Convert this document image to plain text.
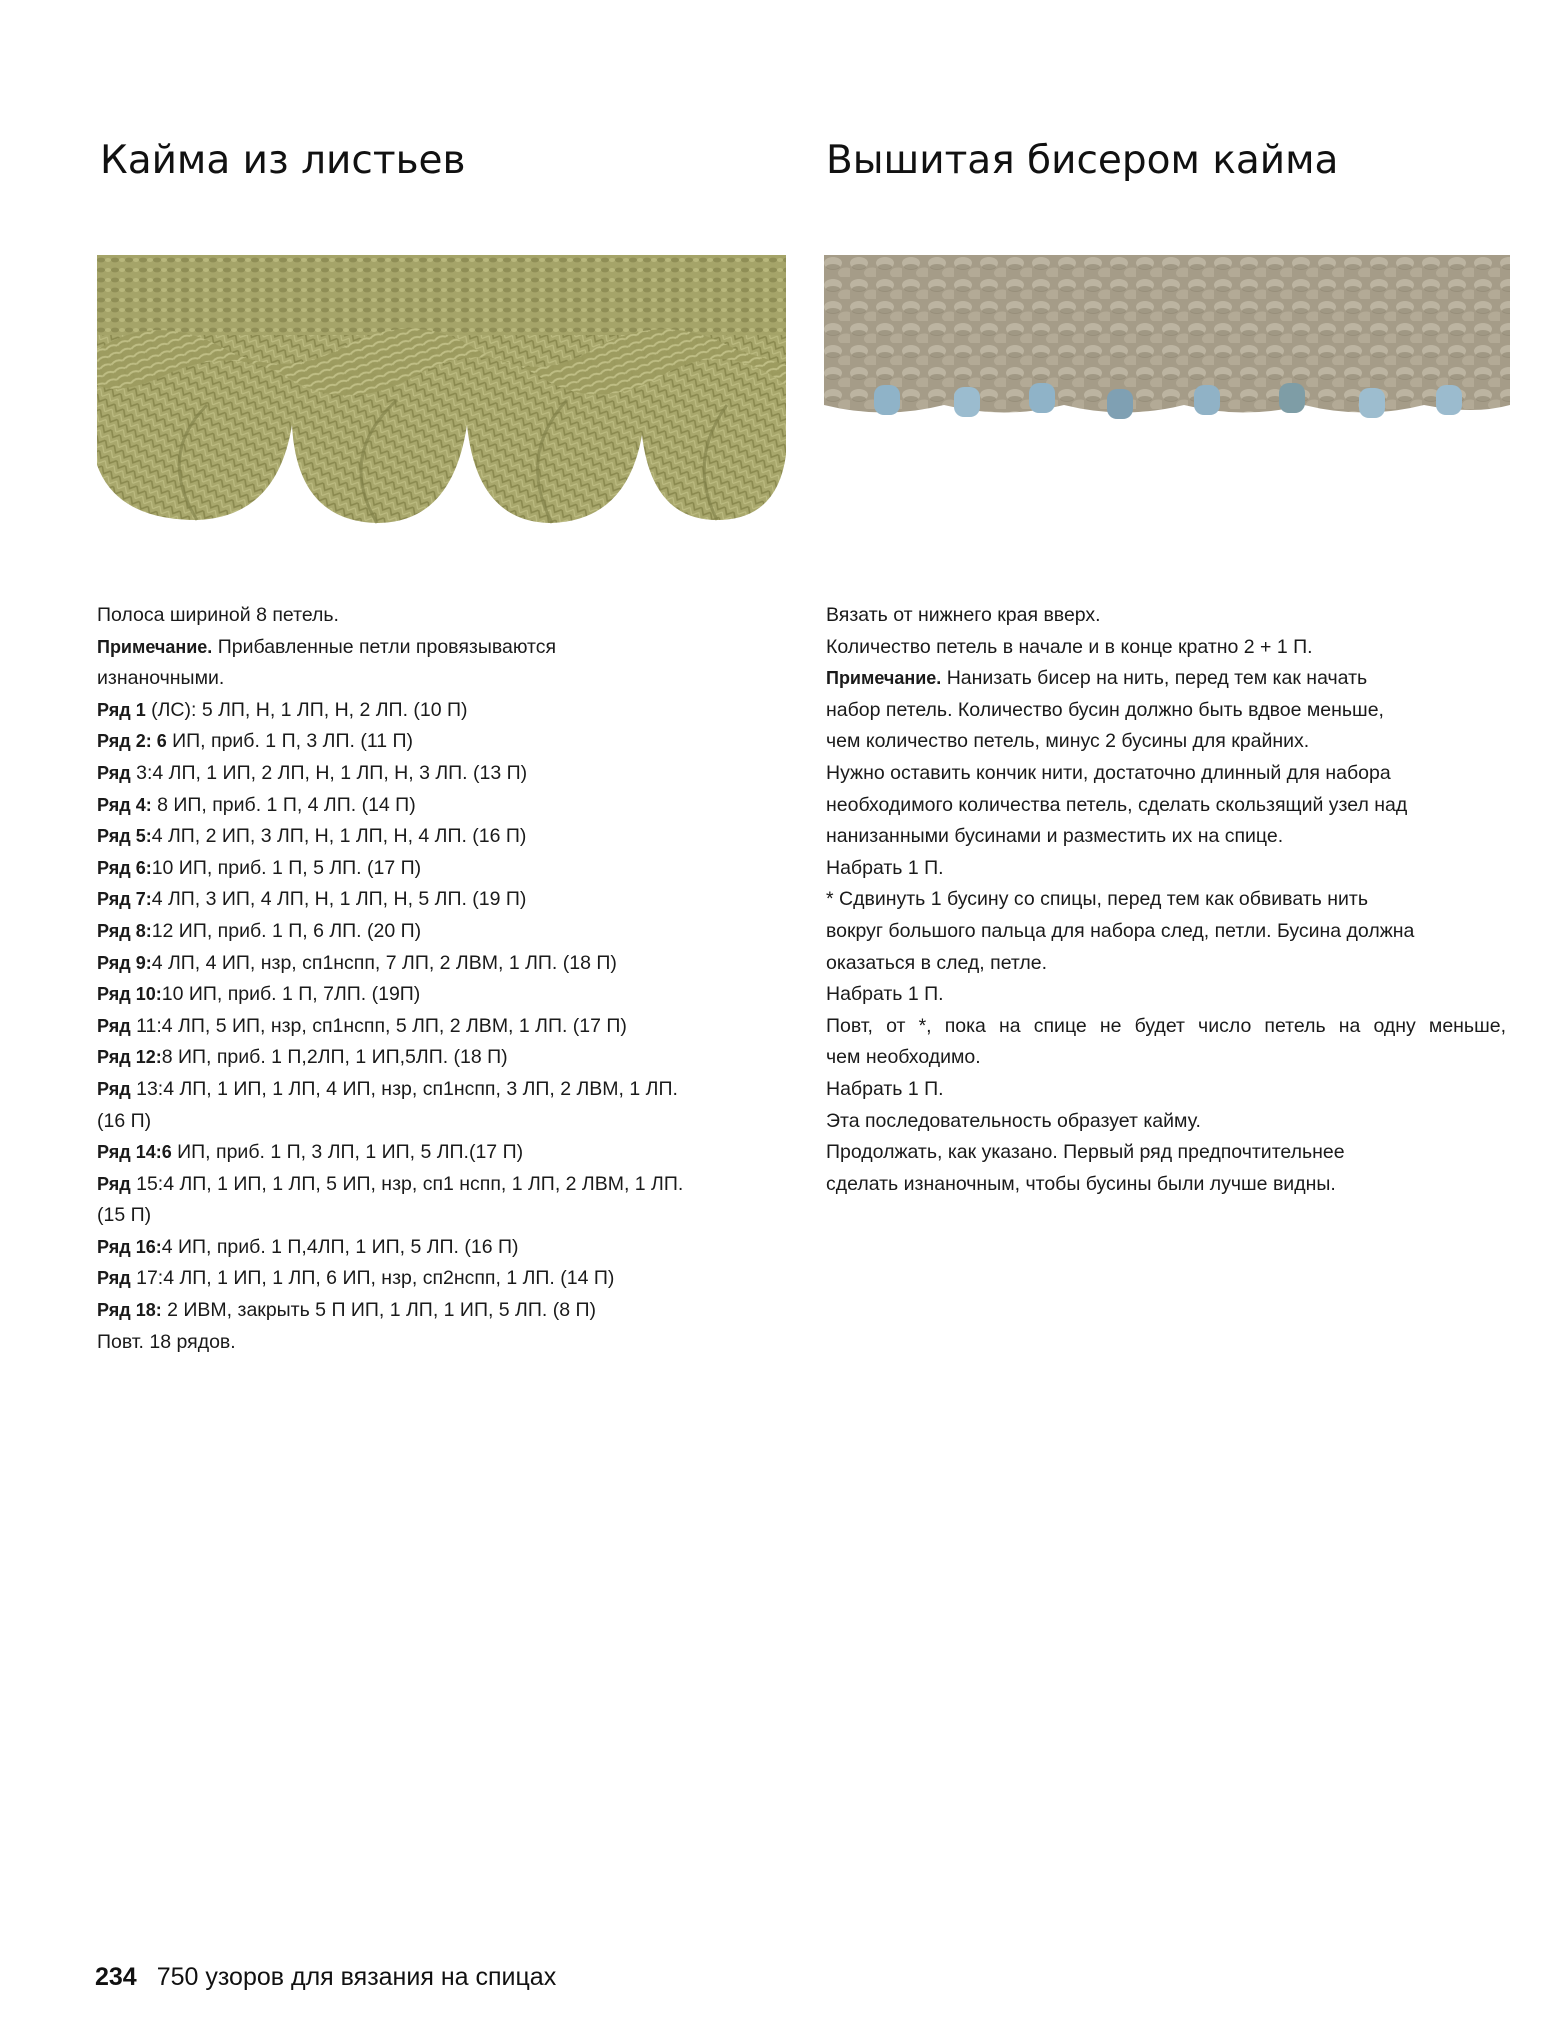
Кайма из листьев	Вышитая бисером кайма
Полоса шириной 8 петель.
Примечание. Прибавленные петли провязываются
изнаночными.
Ряд 1 (ЛС): 5 ЛП, Н, 1 ЛП, Н, 2 ЛП. (10 П)
Ряд 2: 6 ИП, приб. 1 П, 3 ЛП. (11 П)
Ряд 3:4 ЛП, 1 ИП, 2 ЛП, Н, 1 ЛП, Н, 3 ЛП. (13 П)
Ряд 4: 8 ИП, приб. 1 П, 4 ЛП. (14 П)
Ряд 5:4 ЛП, 2 ИП, 3 ЛП, Н, 1 ЛП, Н, 4 ЛП. (16 П)
Ряд 6:10 ИП, приб. 1 П, 5 ЛП. (17 П)
Ряд 7:4 ЛП, 3 ИП, 4 ЛП, Н, 1 ЛП, Н, 5 ЛП. (19 П)
Ряд 8:12 ИП, приб. 1 П, 6 ЛП. (20 П)
Ряд 9:4 ЛП, 4 ИП, нзр, сп1нспп, 7 ЛП, 2 ЛВМ, 1 ЛП. (18 П)
Ряд 10:10 ИП, приб. 1 П, 7ЛП. (19П)
Ряд 11:4 ЛП, 5 ИП, нзр, сп1нспп, 5 ЛП, 2 ЛВМ, 1 ЛП. (17 П)
Ряд 12:8 ИП, приб. 1 П,2ЛП, 1 ИП,5ЛП. (18 П)
Ряд 13:4 ЛП, 1 ИП, 1 ЛП, 4 ИП, нзр, сп1нспп, 3 ЛП, 2 ЛВМ, 1 ЛП.
(16 П)
Ряд 14:6 ИП, приб. 1 П, 3 ЛП, 1 ИП, 5 ЛП.(17 П)
Ряд 15:4 ЛП, 1 ИП, 1 ЛП, 5 ИП, нзр, сп1 нспп, 1 ЛП, 2 ЛВМ, 1 ЛП.
(15 П)
Ряд 16:4 ИП, приб. 1 П,4ЛП, 1 ИП, 5 ЛП. (16 П)
Ряд 17:4 ЛП, 1 ИП, 1 ЛП, 6 ИП, нзр, сп2нспп, 1 ЛП. (14 П)
Ряд 18: 2 ИВМ, закрыть 5 П ИП, 1 ЛП, 1 ИП, 5 ЛП. (8 П)
Повт. 18 рядов.
Вязать от нижнего края вверх.
Количество петель в начале и в конце кратно 2 + 1 П.
Примечание. Нанизать бисер на нить, перед тем как начать
набор петель. Количество бусин должно быть вдвое меньше,
чем количество петель, минус 2 бусины для крайних.
Нужно оставить кончик нити, достаточно длинный для набора
необходимого количества петель, сделать скользящий узел над
нанизанными бусинами и разместить их на спице.
Набрать 1 П.
* Сдвинуть 1 бусину со спицы, перед тем как обвивать нить
вокруг большого пальца для набора след, петли. Бусина должна
оказаться в след, петле.
Набрать 1 П.
Повт, от *, пока на спице не будет число петель на одну меньше,
чем необходимо.
Набрать 1 П.
Эта последовательность образует кайму.
Продолжать, как указано. Первый ряд предпочтительнее
сделать изнаночным, чтобы бусины были лучше видны.
234 750 узоров для вязания на спицах
